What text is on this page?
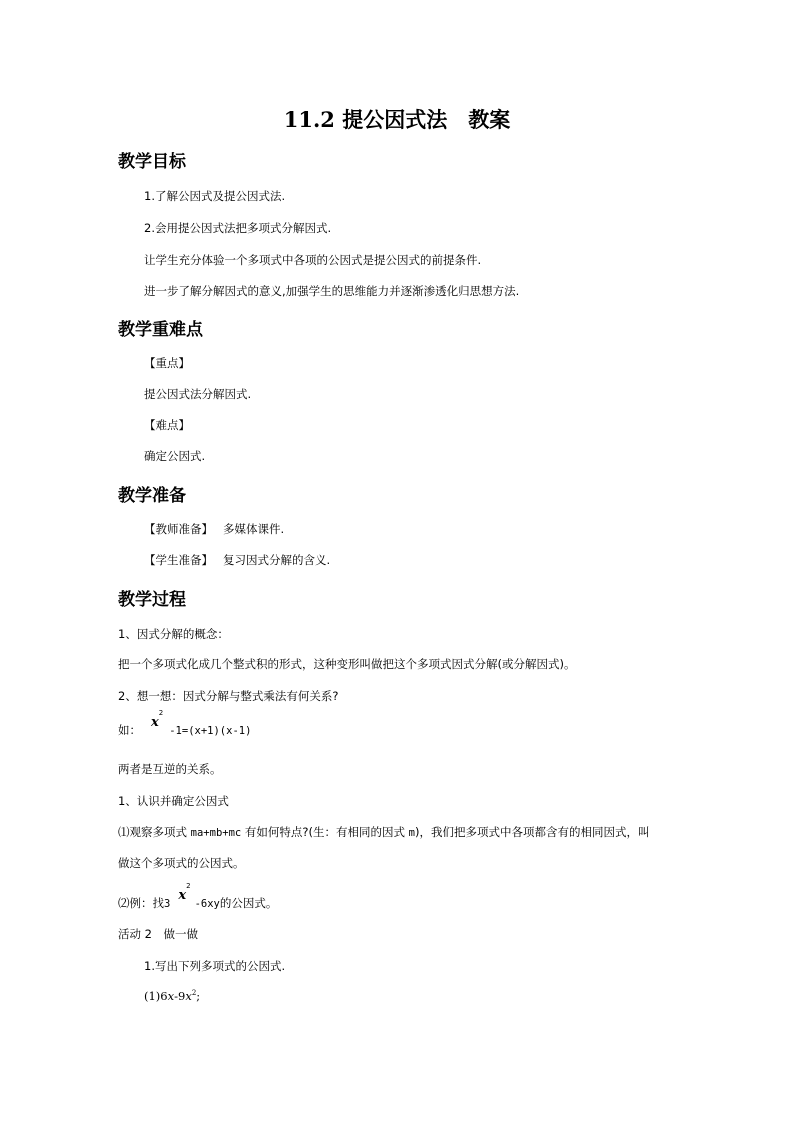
11.2 提公因式法　教案
教学目标
1.了解公因式及提公因式法.
2.会用提公因式法把多项式分解因式.
让学生充分体验一个多项式中各项的公因式是提公因式的前提条件.
进一步了解分解因式的意义,加强学生的思维能力并逐渐渗透化归思想方法.
教学重难点
【重点】
提公因式法分解因式.
【难点】
确定公因式.
教学准备
【教师准备】 多媒体课件.
【学生准备】 复习因式分解的含义.
教学过程
1、因式分解的概念：
把一个多项式化成几个整式积的形式，这种变形叫做把这个多项式因式分解(或分解因式)。
2、想一想：因式分解与整式乘法有何关系?
如： $x^2-1=(x+1)(x-1)$
两者是互逆的关系。
1、认识并确定公因式
⑴观察多项式 ma+mb+mc 有如何特点?(生：有相同的因式 m)，我们把多项式中各项都含有的相同因式，叫
做这个多项式的公因式。
⑵例：找$3x^2-6xy$的公因式。
活动 2　做一做
1.写出下列多项式的公因式.
$(1)6x-9x^2$;
